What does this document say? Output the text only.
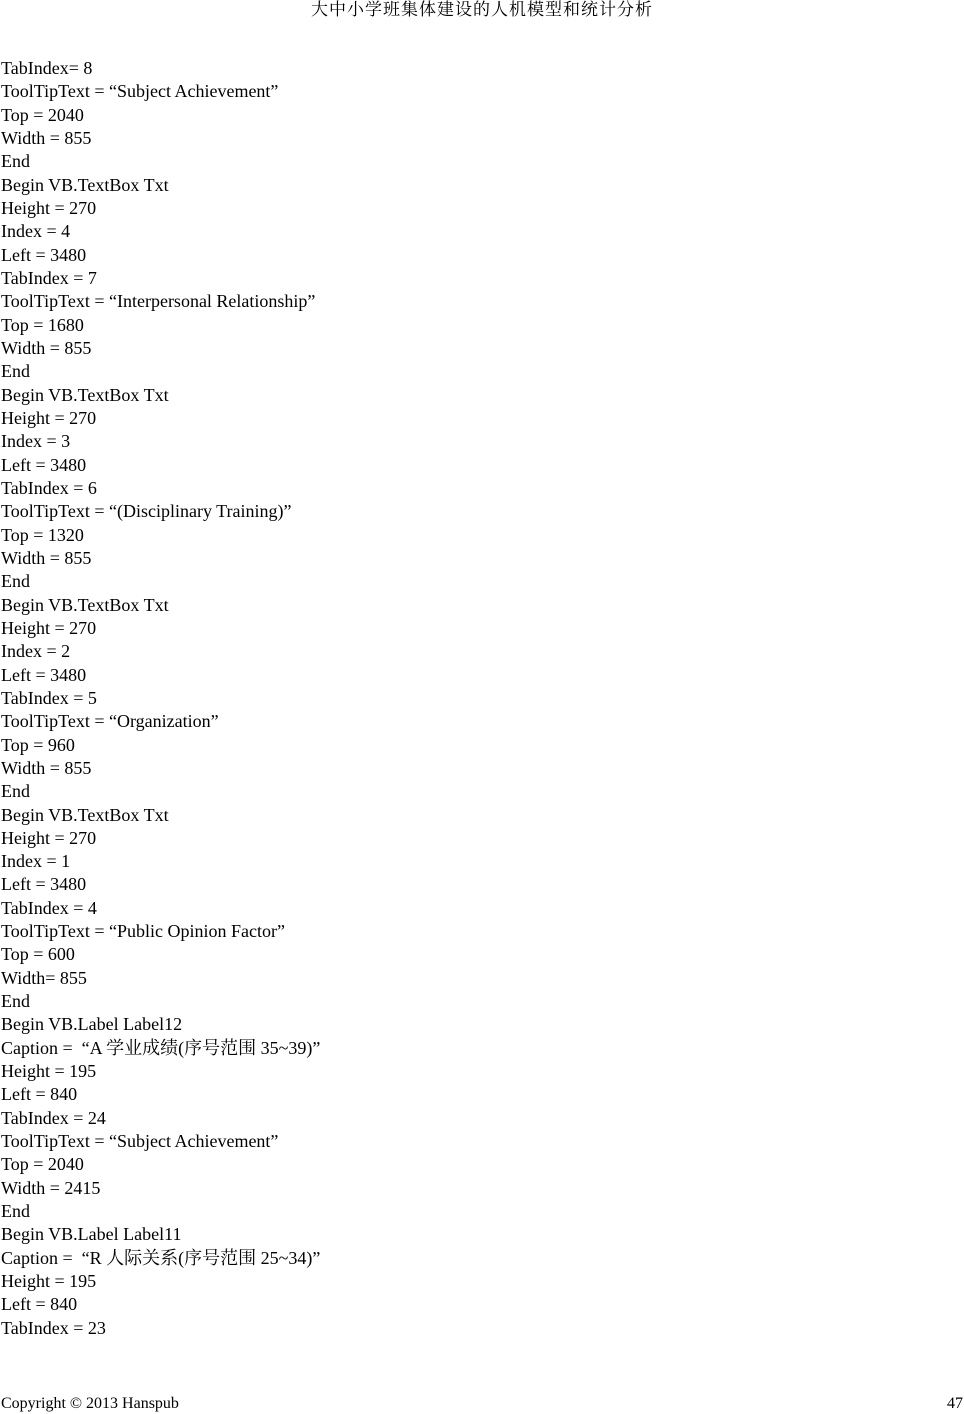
大中小学班集体建设的人机模型和统计分析
TabIndex= 8
ToolTipText = “Subject Achievement”
Top = 2040
Width = 855
End
Begin VB.TextBox Txt
Height = 270
Index = 4
Left = 3480
TabIndex = 7
ToolTipText = “Interpersonal Relationship”
Top = 1680
Width = 855
End
Begin VB.TextBox Txt
Height = 270
Index = 3
Left = 3480
TabIndex = 6
ToolTipText = “(Disciplinary Training)”
Top = 1320
Width = 855
End
Begin VB.TextBox Txt
Height = 270
Index = 2
Left = 3480
TabIndex = 5
ToolTipText = “Organization”
Top = 960
Width = 855
End
Begin VB.TextBox Txt
Height = 270
Index = 1
Left = 3480
TabIndex = 4
ToolTipText = “Public Opinion Factor”
Top = 600
Width= 855
End
Begin VB.Label Label12
Caption =  “A 学业成绩(序号范围 35~39)”
Height = 195
Left = 840
TabIndex = 24
ToolTipText = “Subject Achievement”
Top = 2040
Width = 2415
End
Begin VB.Label Label11
Caption =  “R 人际关系(序号范围 25~34)”
Height = 195
Left = 840
TabIndex = 23
Copyright © 2013 Hanspub	47
